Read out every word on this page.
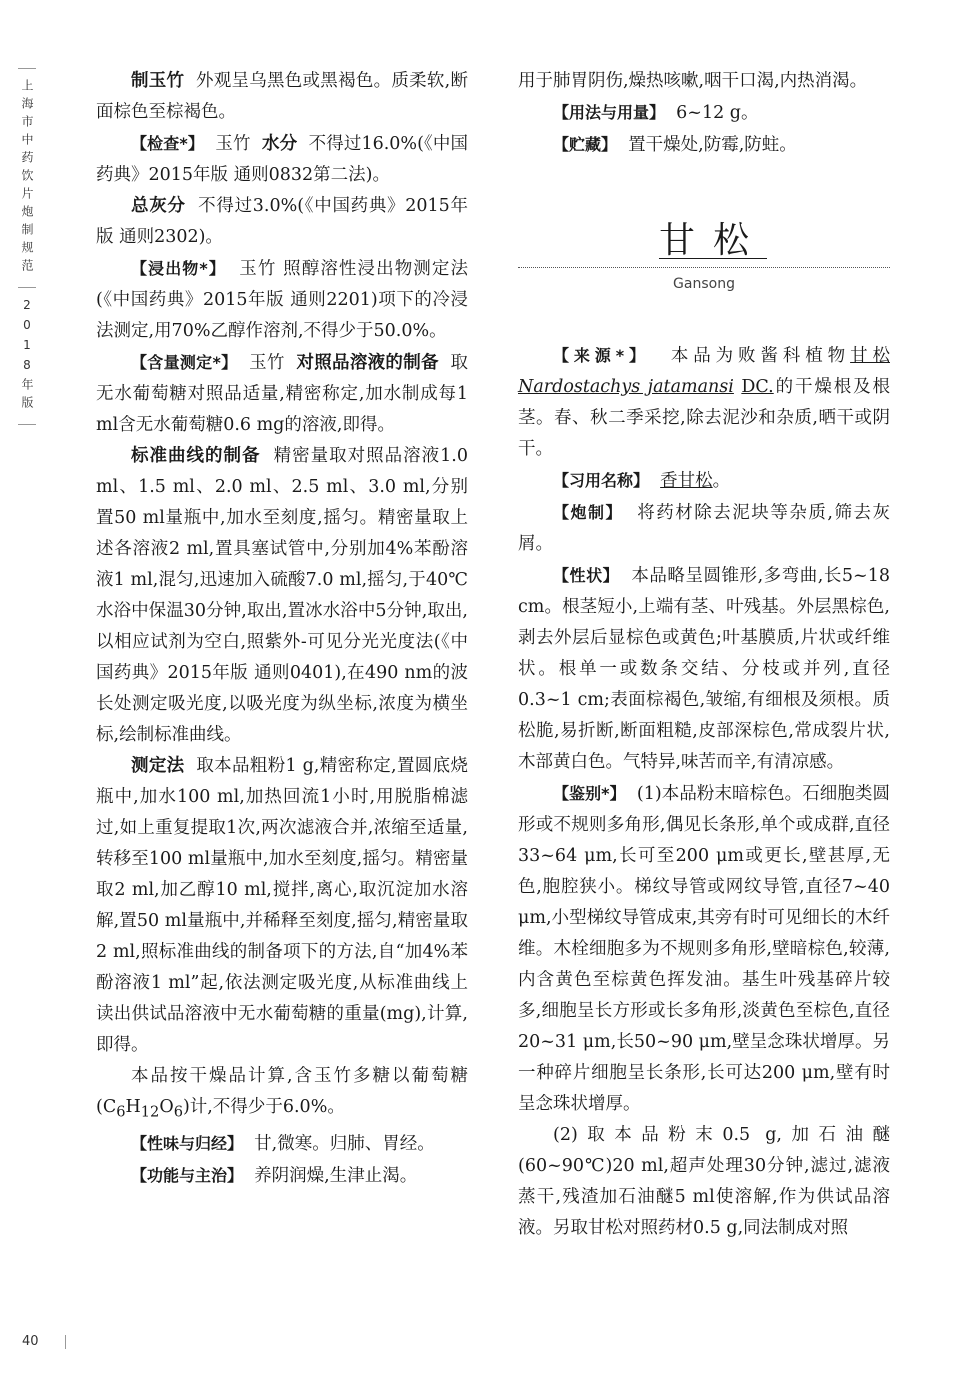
上海市中药饮片炮制规范
2018年版

制玉竹 外观呈乌黑色或黑褐色。质柔软,断面棕色至棕褐色。

【检查*】 玉竹 水分 不得过16.0%(《中国药典》2015年版 通则0832第二法)。

总灰分 不得过3.0%(《中国药典》2015年版 通则2302)。

【浸出物*】 玉竹 照醇溶性浸出物测定法(《中国药典》2015年版 通则2201)项下的冷浸法测定,用70%乙醇作溶剂,不得少于50.0%。

【含量测定*】 玉竹 对照品溶液的制备 取无水葡萄糖对照品适量,精密称定,加水制成每1 ml含无水葡萄糖0.6 mg的溶液,即得。

标准曲线的制备 精密量取对照品溶液1.0 ml、1.5 ml、2.0 ml、2.5 ml、3.0 ml,分别置50 ml量瓶中,加水至刻度,摇匀。精密量取上述各溶液2 ml,置具塞试管中,分别加4%苯酚溶液1 ml,混匀,迅速加入硫酸7.0 ml,摇匀,于40℃水浴中保温30分钟,取出,置冰水浴中5分钟,取出,以相应试剂为空白,照紫外-可见分光光度法(《中国药典》2015年版 通则0401),在490 nm的波长处测定吸光度,以吸光度为纵坐标,浓度为横坐标,绘制标准曲线。

测定法 取本品粗粉1 g,精密称定,置圆底烧瓶中,加水100 ml,加热回流1小时,用脱脂棉滤过,如上重复提取1次,两次滤液合并,浓缩至适量,转移至100 ml量瓶中,加水至刻度,摇匀。精密量取2 ml,加乙醇10 ml,搅拌,离心,取沉淀加水溶解,置50 ml量瓶中,并稀释至刻度,摇匀,精密量取2 ml,照标准曲线的制备项下的方法,自“加4%苯酚溶液1 ml”起,依法测定吸光度,从标准曲线上读出供试品溶液中无水葡萄糖的重量(mg),计算,即得。

本品按干燥品计算,含玉竹多糖以葡萄糖$(C_6H_{12}O_6)$计,不得少于6.0%。

【性味与归经】 甘,微寒。归肺、胃经。

【功能与主治】 养阴润燥,生津止渴。

用于肺胃阴伤,燥热咳嗽,咽干口渴,内热消渴。

【用法与用量】 6~12 g。

【贮藏】 置干燥处,防霉,防蛀。

甘松
Gansong

【来源*】 本品为败酱科植物甘松 Nardostachys jatamansi DC.的干燥根及根茎。春、秋二季采挖,除去泥沙和杂质,晒干或阴干。

【习用名称】 香甘松。

【炮制】 将药材除去泥块等杂质,筛去灰屑。

【性状】 本品略呈圆锥形,多弯曲,长5~18 cm。根茎短小,上端有茎、叶残基。外层黑棕色,剥去外层后显棕色或黄色;叶基膜质,片状或纤维状。根单一或数条交结、分枝或并列,直径0.3~1 cm;表面棕褐色,皱缩,有细根及须根。质松脆,易折断,断面粗糙,皮部深棕色,常成裂片状,木部黄白色。气特异,味苦而辛,有清凉感。

【鉴别*】 (1)本品粉末暗棕色。石细胞类圆形或不规则多角形,偶见长条形,单个或成群,直径33~64 μm,长可至200 μm或更长,壁甚厚,无色,胞腔狭小。梯纹导管或网纹导管,直径7~40 μm,小型梯纹导管成束,其旁有时可见细长的木纤维。木栓细胞多为不规则多角形,壁暗棕色,较薄,内含黄色至棕黄色挥发油。基生叶残基碎片较多,细胞呈长方形或长多角形,淡黄色至棕色,直径20~31 μm,长50~90 μm,壁呈念珠状增厚。另一种碎片细胞呈长条形,长可达200 μm,壁有时呈念珠状增厚。

(2)取本品粉末0.5 g,加石油醚(60~90℃)20 ml,超声处理30分钟,滤过,滤液蒸干,残渣加石油醚5 ml使溶解,作为供试品溶液。另取甘松对照药材0.5 g,同法制成对照

40
